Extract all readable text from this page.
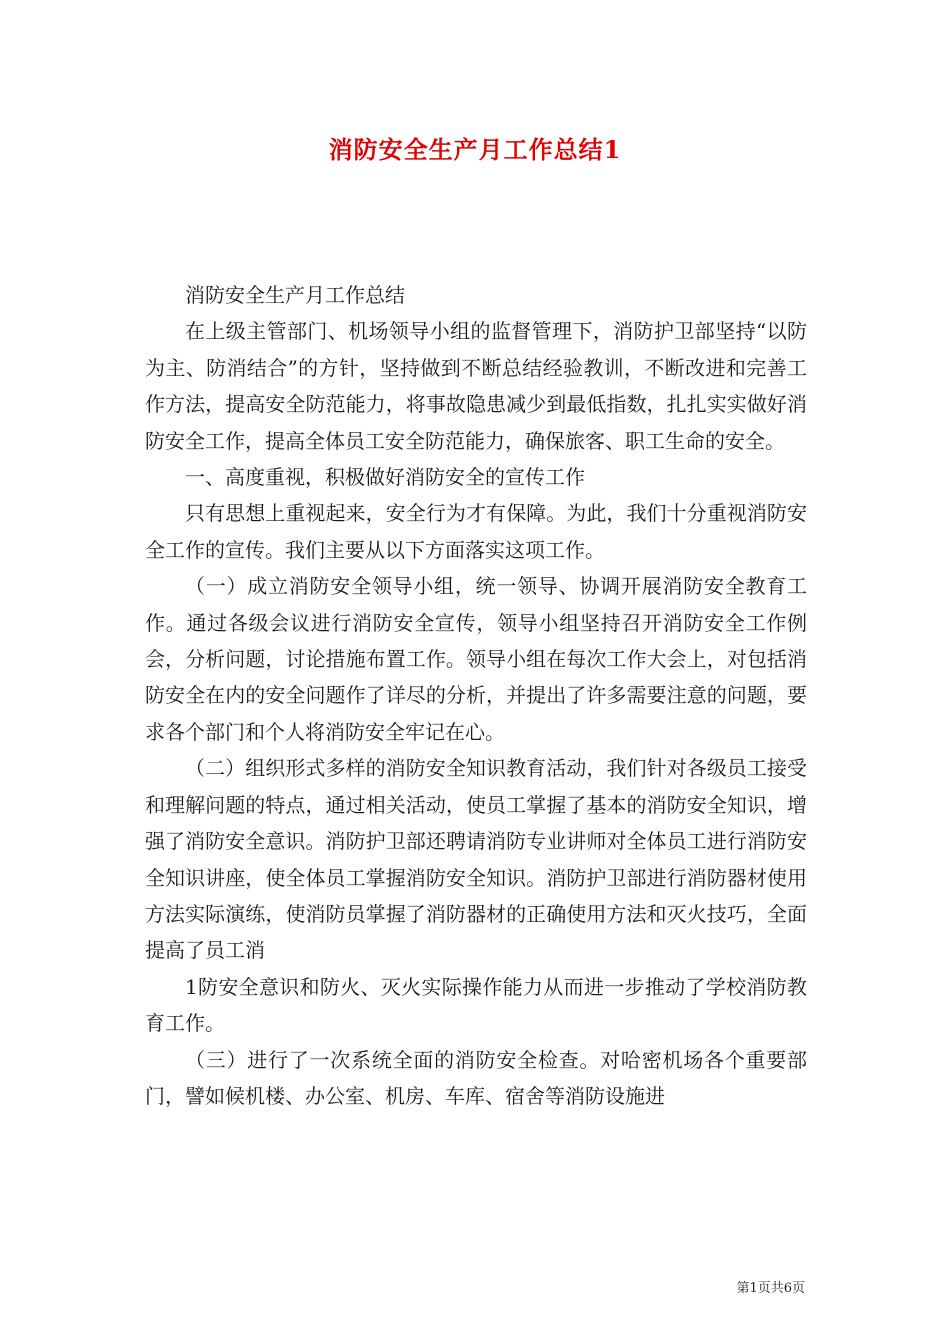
消防安全生产月工作总结1

消防安全生产月工作总结

在上级主管部门、机场领导小组的监督管理下，消防护卫部坚持“以防为主、防消结合”的方针，坚持做到不断总结经验教训，不断改进和完善工作方法，提高安全防范能力，将事故隐患减少到最低指数，扎扎实实做好消防安全工作，提高全体员工安全防范能力，确保旅客、职工生命的安全。

一、高度重视，积极做好消防安全的宣传工作

只有思想上重视起来，安全行为才有保障。为此，我们十分重视消防安全工作的宣传。我们主要从以下方面落实这项工作。

（一）成立消防安全领导小组，统一领导、协调开展消防安全教育工作。通过各级会议进行消防安全宣传，领导小组坚持召开消防安全工作例会，分析问题，讨论措施布置工作。领导小组在每次工作大会上，对包括消防安全在内的安全问题作了详尽的分析，并提出了许多需要注意的问题，要求各个部门和个人将消防安全牢记在心。

（二）组织形式多样的消防安全知识教育活动，我们针对各级员工接受和理解问题的特点，通过相关活动，使员工掌握了基本的消防安全知识，增强了消防安全意识。消防护卫部还聘请消防专业讲师对全体员工进行消防安全知识讲座，使全体员工掌握消防安全知识。消防护卫部进行消防器材使用方法实际演练，使消防员掌握了消防器材的正确使用方法和灭火技巧，全面提高了员工消

1防安全意识和防火、灭火实际操作能力从而进一步推动了学校消防教育工作。

（三）进行了一次系统全面的消防安全检查。对哈密机场各个重要部门，譬如候机楼、办公室、机房、车库、宿舍等消防设施进

第1页共6页
